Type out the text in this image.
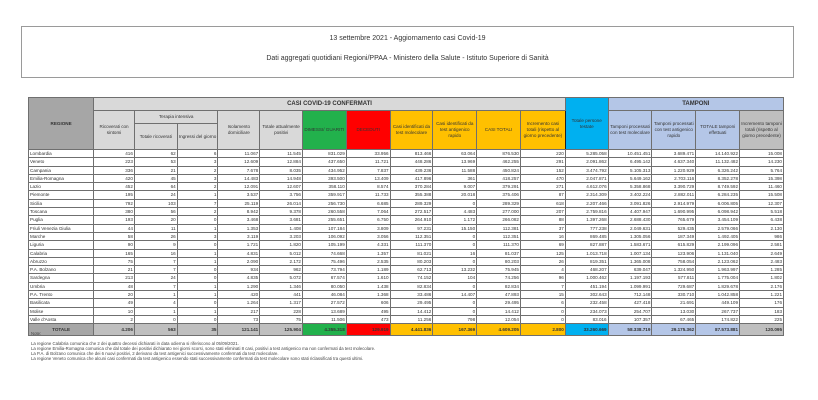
13 settembre 2021 - Aggiornamento casi Covid-19
Dati aggregati quotidiani Regioni/PPAA - Ministero della Salute - Istituto Superiore di Sanità
REGIONE	CASI COVID-19 CONFERMATI											Totale persone testate	TAMPONI			
	Ricoverati con sintomi	Terapia intensiva		Isolamento domiciliare	Totale attualmente positivi	DIMESSI/ GUARITI	DECEDUTI	Casi identificati da test molecolare	Casi identificati da test antigenico rapido	CASI TOTALI	Incremento casi totali (rispetto al giorno precedente)		Tamponi processati con test molecolare	Tamponi processati con test antigenico rapido	TOTALE tamponi effettuati	Incremento tamponi totali (rispetto al giorno precedente)
		Totale ricoverati	Ingressi del giorno													
Lombardia	416	62	6	11.067	11.545	831.029	33.956	813.466	63.064	876.530	220	5.285.058	10.451.451	3.689.471	14.140.922	15.008
Veneto	223	53	3	12.609	12.884	437.650	11.721	448.286	13.969	462.255	291	2.091.862	6.495.142	4.637.340	11.132.482	14.230
Campania	336	21	2	7.678	8.035	434.952	7.837	439.236	11.588	450.824	152	3.474.792	5.105.313	1.220.929	6.326.242	5.764
Emilia-Romagna	420	45	3	14.483	14.948	393.500	13.409	417.896	361	418.257	470	2.047.871	5.649.162	2.703.116	8.352.278	15.398
Lazio	452	64	2	12.091	12.607	358.110	8.574	370.284	9.007	379.291	271	4.612.076	5.358.868	3.390.729	8.749.592	11.460
Piemonte	195	24	1	3.537	3.756	359.917	11.733	355.388	20.018	375.406	87	2.314.309	3.402.224	2.882.011	6.284.235	15.508
Sicilia	792	103	7	25.119	26.014	256.730	6.685	289.329	0	289.329	618	2.207.466	3.091.826	2.914.979	6.006.805	12.307
Toscana	380	56	2	8.942	9.378	260.558	7.064	272.517	4.483	277.000	207	2.759.816	4.407.947	1.690.995	6.098.942	5.518
Puglia	193	20	0	3.468	3.681	255.651	6.750	264.910	1.172	266.082	88	1.397.268	2.688.430	765.679	3.454.109	6.438
Friuli Venezia Giulia	44	11	1	1.353	1.408	107.184	3.809	97.231	15.150	112.381	37	777.238	2.049.631	529.435	2.579.066	2.130
Marche	58	26	3	3.119	3.203	106.092	3.056	112.351	0	112.351	16	869.485	1.305.056	187.349	1.492.405	986
Liguria	90	9	0	1.721	1.820	105.199	4.331	111.370	0	111.370	69	827.887	1.583.671	615.829	2.199.096	2.581
Calabria	165	16	1	4.831	5.012	74.668	1.357	81.021	16	81.037	125	1.013.718	1.007.134	123.906	1.131.040	2.649
Abruzzo	75	7	1	2.090	2.172	75.496	2.535	80.203	0	80.203	26	819.351	1.365.008	758.054	2.123.062	2.483
P.A. Bolzano	21	7	0	934	962	73.794	1.189	62.713	13.232	75.945	4	468.207	639.047	1.324.950	1.963.997	1.285
Sardegna	213	24	0	4.835	5.072	67.574	1.610	74.152	104	74.256	96	1.000.462	1.197.193	577.811	1.775.004	1.802
Umbria	48	7	1	1.290	1.346	80.050	1.438	82.834	0	82.834	7	451.194	1.099.991	729.687	1.829.678	2.176
P.A. Trento	20	1	1	420	441	46.084	1.368	33.486	14.407	47.893	15	302.643	712.148	330.710	1.042.858	1.221
Basilicata	49	4	0	1.264	1.317	27.572	606	29.495	0	29.495	6	232.458	427.418	21.691	449.109	176
Molise	10	1	1	217	228	13.689	495	14.412	0	14.412	0	234.073	254.707	13.030	267.737	183
Valle d'Aosta	2	0	0	73	75	11.506	473	11.256	798	12.054	0	83.016	107.357	67.465	174.822	225
TOTALE	4.206	563	35	121.141	125.904	4.355.318	129.919	4.441.836	167.369	4.609.205	2.800	33.260.669	58.338.719	29.175.362	87.573.881	120.095
Note:
La regione Calabria comunica che 2 dei quattro decessi dichiarati in data odierna si riferiscono al 05/09/2021.
La regione Emilia-Romagna comunica che dal totale dei positivi dichiarato nei giorni scorsi, sono stati eliminati 8 casi, positivi a test antigenico ma non confermati da test molecolare.
La P.A. di Bolzano comunica che dei 6 nuovi positivi, 2 derivano da test antigenici successivamente confermati da test molecolare.
La regione Veneto comunica che alcuni casi confermati da test antigenico essendo stati successivamente confermati da test molecolare sono stati riclassificati tra questi ultimi.
